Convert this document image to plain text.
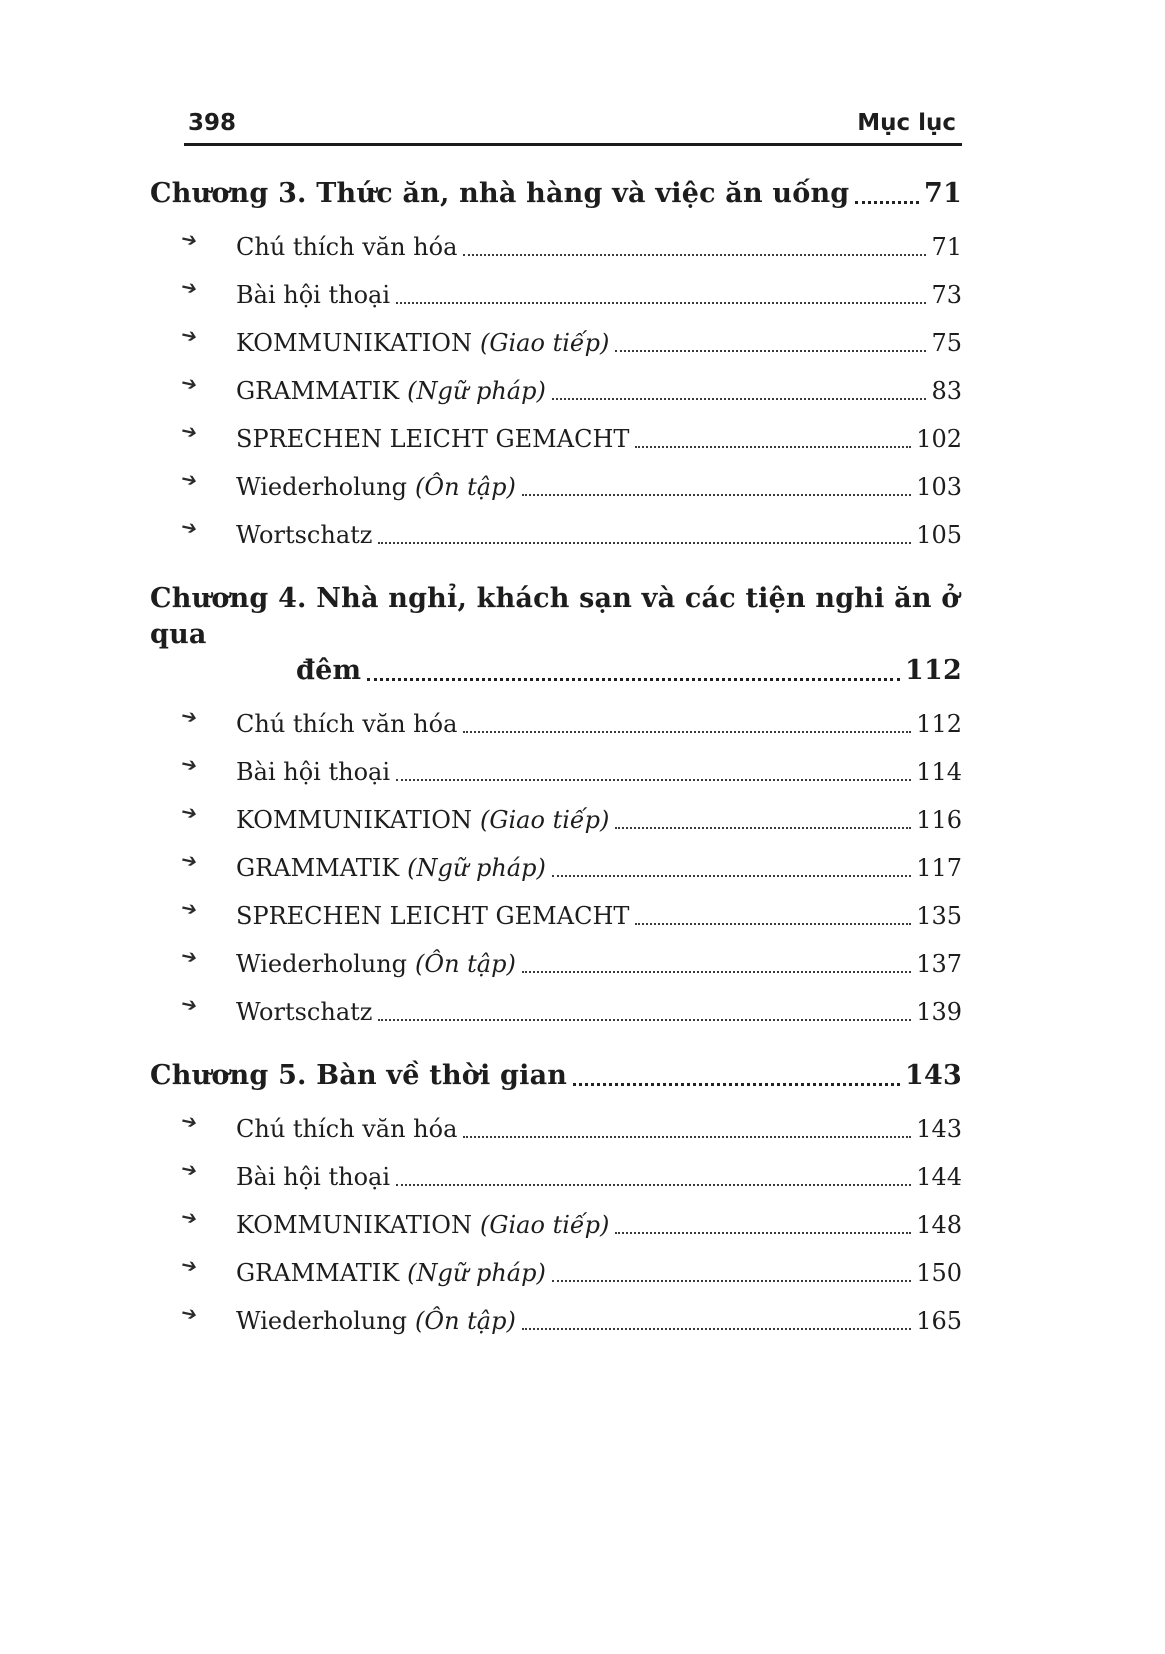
398	Mục lục
Chương 3. Thức ăn, nhà hàng và việc ăn uống	71
➔	Chú thích văn hóa	71
➔	Bài hội thoại	73
➔	KOMMUNIKATION (Giao tiếp)	75
➔	GRAMMATIK (Ngữ pháp)	83
➔	SPRECHEN LEICHT GEMACHT	102
➔	Wiederholung (Ôn tập)	103
➔	Wortschatz	105
Chương 4. Nhà nghỉ, khách sạn và các tiện nghi ăn ở qua
đêm	112
➔	Chú thích văn hóa	112
➔	Bài hội thoại	114
➔	KOMMUNIKATION (Giao tiếp)	116
➔	GRAMMATIK (Ngữ pháp)	117
➔	SPRECHEN LEICHT GEMACHT	135
➔	Wiederholung (Ôn tập)	137
➔	Wortschatz	139
Chương 5. Bàn về thời gian	143
➔	Chú thích văn hóa	143
➔	Bài hội thoại	144
➔	KOMMUNIKATION (Giao tiếp)	148
➔	GRAMMATIK (Ngữ pháp)	150
➔	Wiederholung (Ôn tập)	165
